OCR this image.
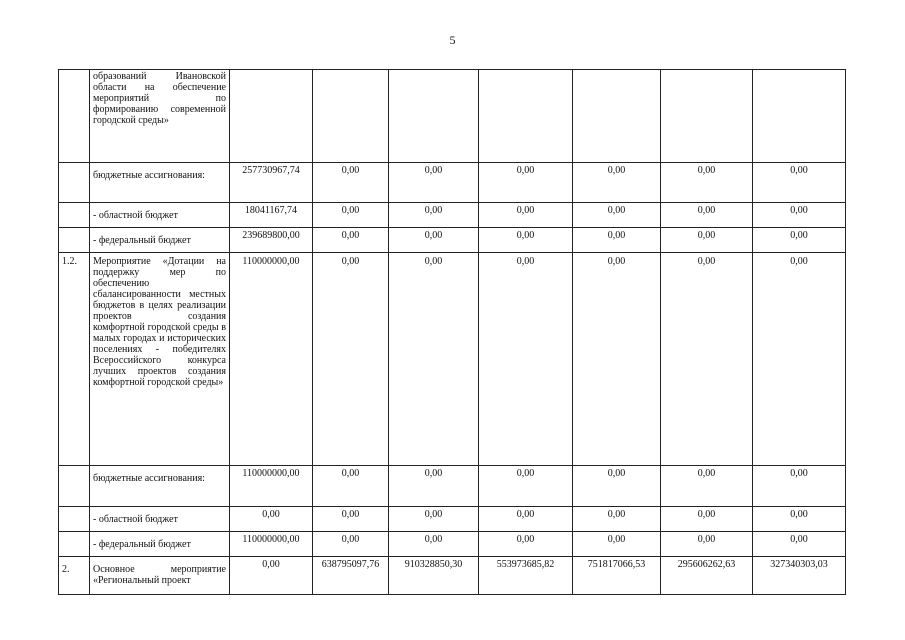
5
	образований Ивановской области на обеспечение мероприятий по формированию современной городской среды»							
	бюджетные ассигнования:	257730967,74	0,00	0,00	0,00	0,00	0,00	0,00
	- областной бюджет	18041167,74	0,00	0,00	0,00	0,00	0,00	0,00
	- федеральный бюджет	239689800,00	0,00	0,00	0,00	0,00	0,00	0,00
1.2.	Мероприятие «Дотации на поддержку мер по обеспечению сбалансированности местных бюджетов в целях реализации проектов создания комфортной городской среды в малых городах и исторических поселениях - победителях Всероссийского конкурса лучших проектов создания комфортной городской среды»	110000000,00	0,00	0,00	0,00	0,00	0,00	0,00
	бюджетные ассигнования:	110000000,00	0,00	0,00	0,00	0,00	0,00	0,00
	- областной бюджет	0,00	0,00	0,00	0,00	0,00	0,00	0,00
	- федеральный бюджет	110000000,00	0,00	0,00	0,00	0,00	0,00	0,00
2.	Основное мероприятие «Региональный проект	0,00	638795097,76	910328850,30	553973685,82	751817066,53	295606262,63	327340303,03
